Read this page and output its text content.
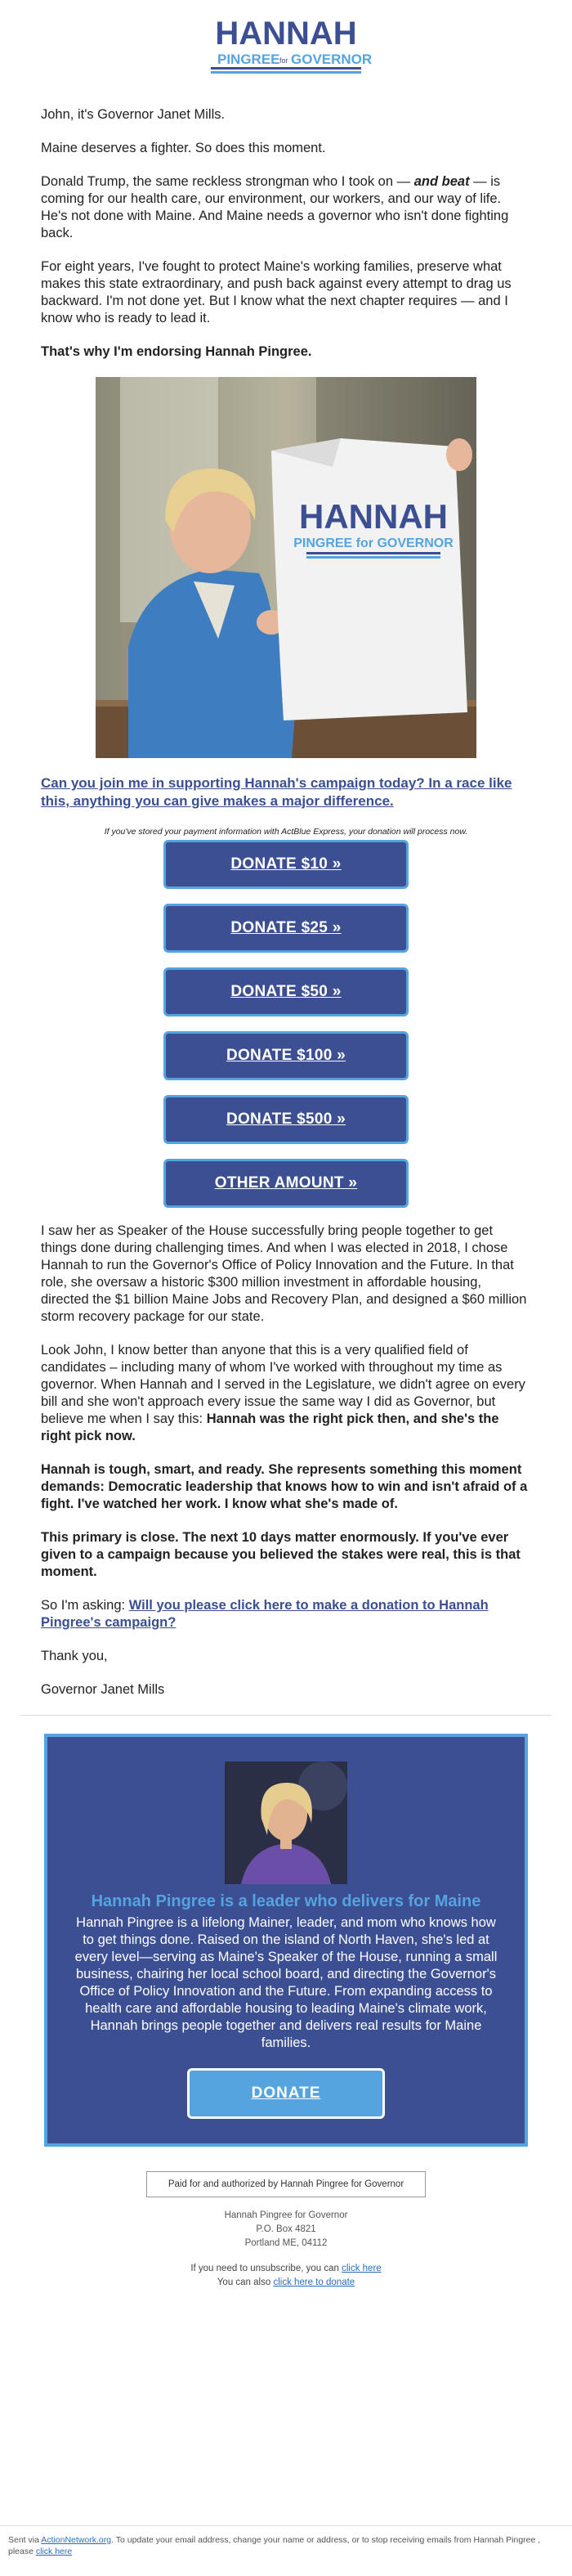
HANNAH
PINGREE for GOVERNOR

John, it's Governor Janet Mills.

Maine deserves a fighter. So does this moment.

Donald Trump, the same reckless strongman who I took on — and beat — is coming for our health care, our environment, our workers, and our way of life. He's not done with Maine. And Maine needs a governor who isn't done fighting back.

For eight years, I've fought to protect Maine's working families, preserve what makes this state extraordinary, and push back against every attempt to drag us backward. I'm not done yet. But I know what the next chapter requires — and I know who is ready to lead it.

That's why I'm endorsing Hannah Pingree.

HANNAH
PINGREE for GOVERNOR
Can you join me in supporting Hannah's campaign today? In a race like this, anything you can give makes a major difference.
If you've stored your payment information with ActBlue Express, your donation will process now.
DONATE $10 »
DONATE $25 »
DONATE $50 »
DONATE $100 »
DONATE $500 »
OTHER AMOUNT »

I saw her as Speaker of the House successfully bring people together to get things done during challenging times. And when I was elected in 2018, I chose Hannah to run the Governor's Office of Policy Innovation and the Future. In that role, she oversaw a historic $300 million investment in affordable housing, directed the $1 billion Maine Jobs and Recovery Plan, and designed a $60 million storm recovery package for our state.

Look John, I know better than anyone that this is a very qualified field of candidates – including many of whom I've worked with throughout my time as governor. When Hannah and I served in the Legislature, we didn't agree on every bill and she won't approach every issue the same way I did as Governor, but believe me when I say this: Hannah was the right pick then, and she's the right pick now.

Hannah is tough, smart, and ready. She represents something this moment demands: Democratic leadership that knows how to win and isn't afraid of a fight. I've watched her work. I know what she's made of.

This primary is close. The next 10 days matter enormously. If you've ever given to a campaign because you believed the stakes were real, this is that moment.

So I'm asking: Will you please click here to make a donation to Hannah Pingree's campaign?

Thank you,

Governor Janet Mills

Hannah Pingree is a leader who delivers for Maine
Hannah Pingree is a lifelong Mainer, leader, and mom who knows how to get things done. Raised on the island of North Haven, she's led at every level—serving as Maine's Speaker of the House, running a small business, chairing her local school board, and directing the Governor's Office of Policy Innovation and the Future. From expanding access to health care and affordable housing to leading Maine's climate work, Hannah brings people together and delivers real results for Maine families.
DONATE
Paid for and authorized by Hannah Pingree for Governor
Hannah Pingree for Governor
P.O. Box 4821
Portland ME, 04112
If you need to unsubscribe, you can click here
You can also click here to donate
Sent via ActionNetwork.org. To update your email address, change your name or address, or to stop receiving emails from Hannah Pingree , please click here
